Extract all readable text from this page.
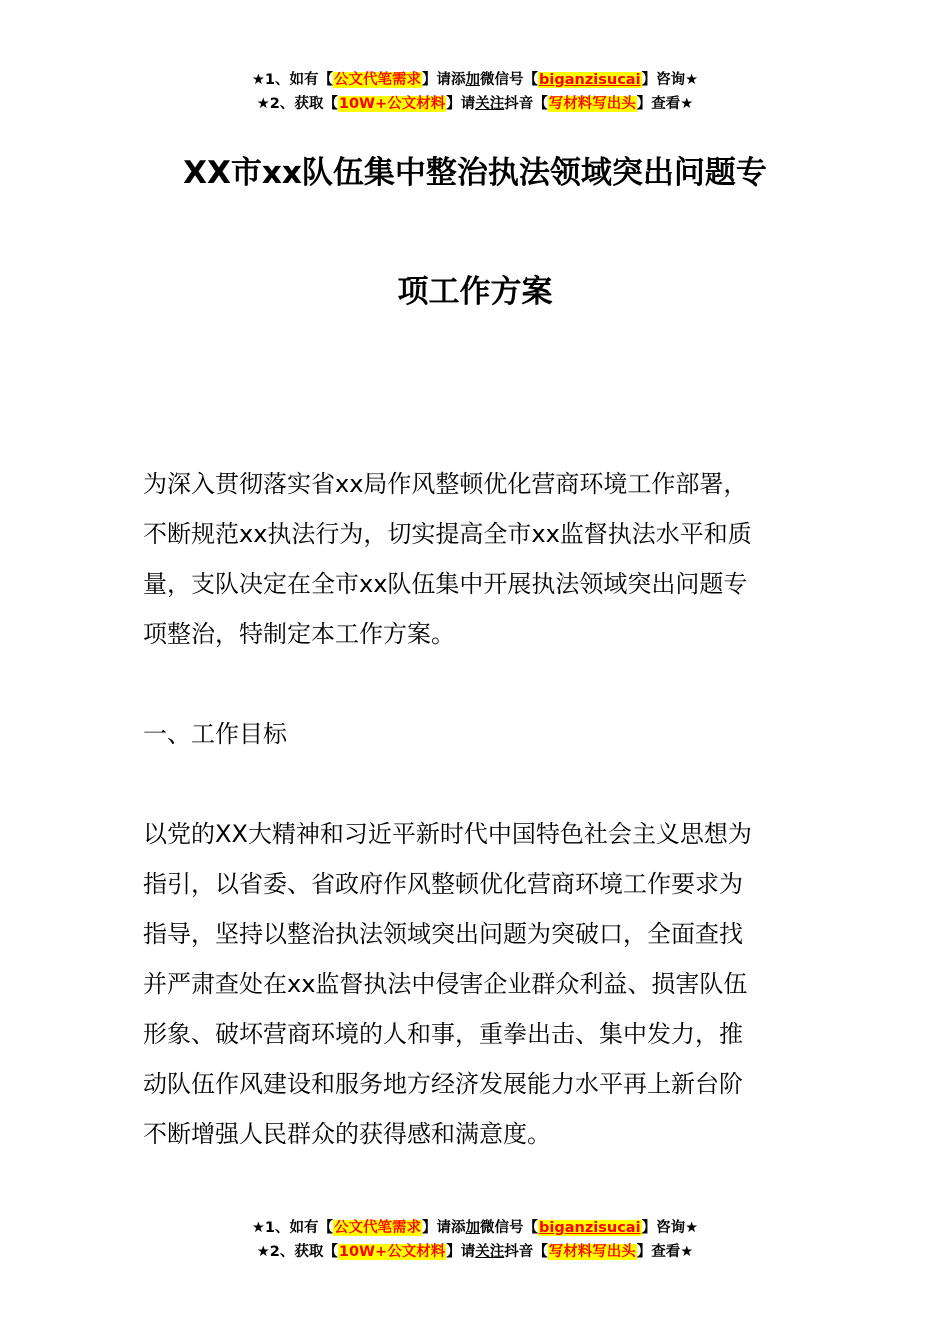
★1、如有【公文代笔需求】请添加微信号【biganzisucai】咨询★
★2、获取【10W+公文材料】请关注抖音【写材料写出头】查看★
XX市xx队伍集中整治执法领域突出问题专
项工作方案
为深入贯彻落实省xx局作风整顿优化营商环境工作部署，
不断规范xx执法行为，切实提高全市xx监督执法水平和质
量，支队决定在全市xx队伍集中开展执法领域突出问题专
项整治，特制定本工作方案。
一、工作目标
以党的XX大精神和习近平新时代中国特色社会主义思想为
指引，以省委、省政府作风整顿优化营商环境工作要求为
指导，坚持以整治执法领域突出问题为突破口，全面查找
并严肃查处在xx监督执法中侵害企业群众利益、损害队伍
形象、破坏营商环境的人和事，重拳出击、集中发力，推
动队伍作风建设和服务地方经济发展能力水平再上新台阶
不断增强人民群众的获得感和满意度。
★1、如有【公文代笔需求】请添加微信号【biganzisucai】咨询★
★2、获取【10W+公文材料】请关注抖音【写材料写出头】查看★
